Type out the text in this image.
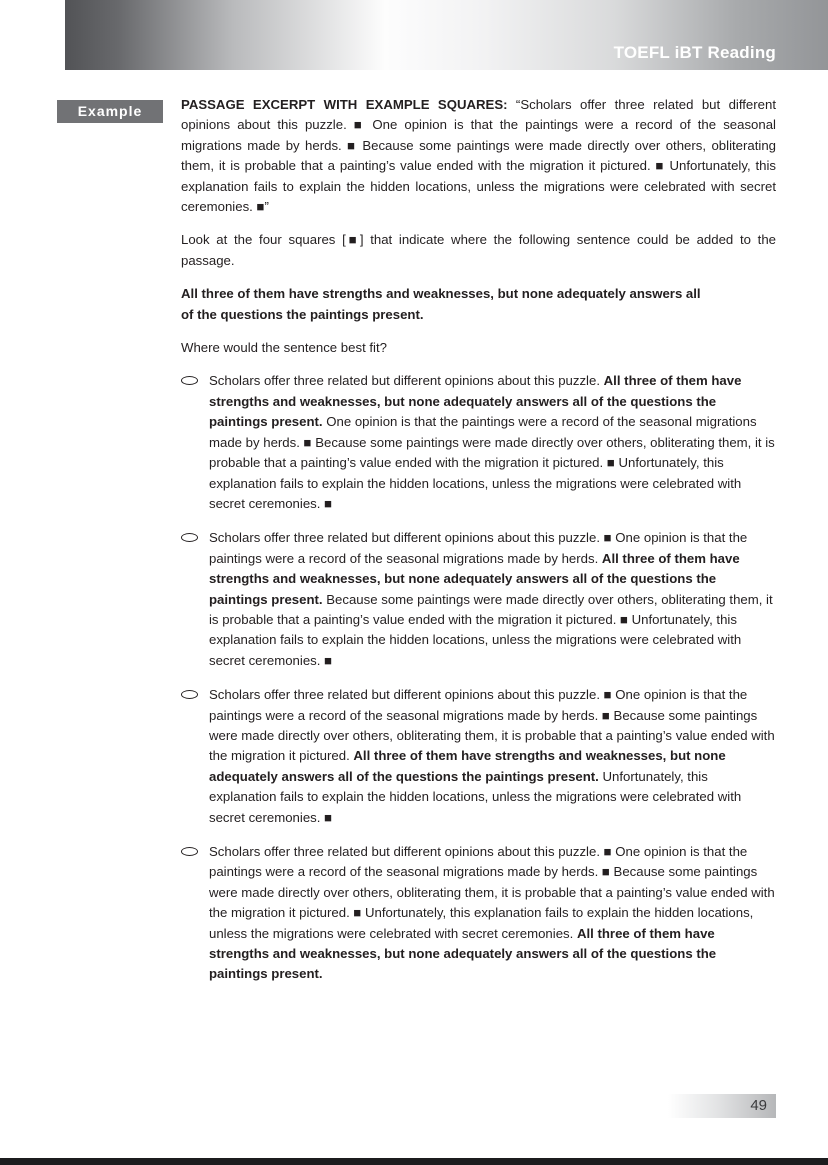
TOEFL iBT Reading
Example	PASSAGE EXCERPT WITH EXAMPLE SQUARES: “Scholars offer three related but different opinions about this puzzle. ■ One opinion is that the paintings were a record of the seasonal migrations made by herds. ■ Because some paintings were made directly over others, obliterating them, it is probable that a painting’s value ended with the migration it pictured. ■ Unfortunately, this explanation fails to explain the hidden locations, unless the migrations were celebrated with secret ceremonies. ■”

Look at the four squares [■] that indicate where the following sentence could be added to the passage.

All three of them have strengths and weaknesses, but none adequately answers all of the questions the paintings present.

Where would the sentence best fit?

Scholars offer three related but different opinions about this puzzle. All three of them have strengths and weaknesses, but none adequately answers all of the questions the paintings present. One opinion is that the paintings were a record of the seasonal migrations made by herds. ■ Because some paintings were made directly over others, obliterating them, it is probable that a painting’s value ended with the migration it pictured. ■ Unfortunately, this explanation fails to explain the hidden locations, unless the migrations were celebrated with secret ceremonies. ■
Scholars offer three related but different opinions about this puzzle. ■ One opinion is that the paintings were a record of the seasonal migrations made by herds. All three of them have strengths and weaknesses, but none adequately answers all of the questions the paintings present. Because some paintings were made directly over others, obliterating them, it is probable that a painting’s value ended with the migration it pictured. ■ Unfortunately, this explanation fails to explain the hidden locations, unless the migrations were celebrated with secret ceremonies. ■
Scholars offer three related but different opinions about this puzzle. ■ One opinion is that the paintings were a record of the seasonal migrations made by herds. ■ Because some paintings were made directly over others, obliterating them, it is probable that a painting’s value ended with the migration it pictured. All three of them have strengths and weaknesses, but none adequately answers all of the questions the paintings present. Unfortunately, this explanation fails to explain the hidden locations, unless the migrations were celebrated with secret ceremonies. ■
Scholars offer three related but different opinions about this puzzle. ■ One opinion is that the paintings were a record of the seasonal migrations made by herds. ■ Because some paintings were made directly over others, obliterating them, it is probable that a painting’s value ended with the migration it pictured. ■ Unfortunately, this explanation fails to explain the hidden locations, unless the migrations were celebrated with secret ceremonies. All three of them have strengths and weaknesses, but none adequately answers all of the questions the paintings present.
49
